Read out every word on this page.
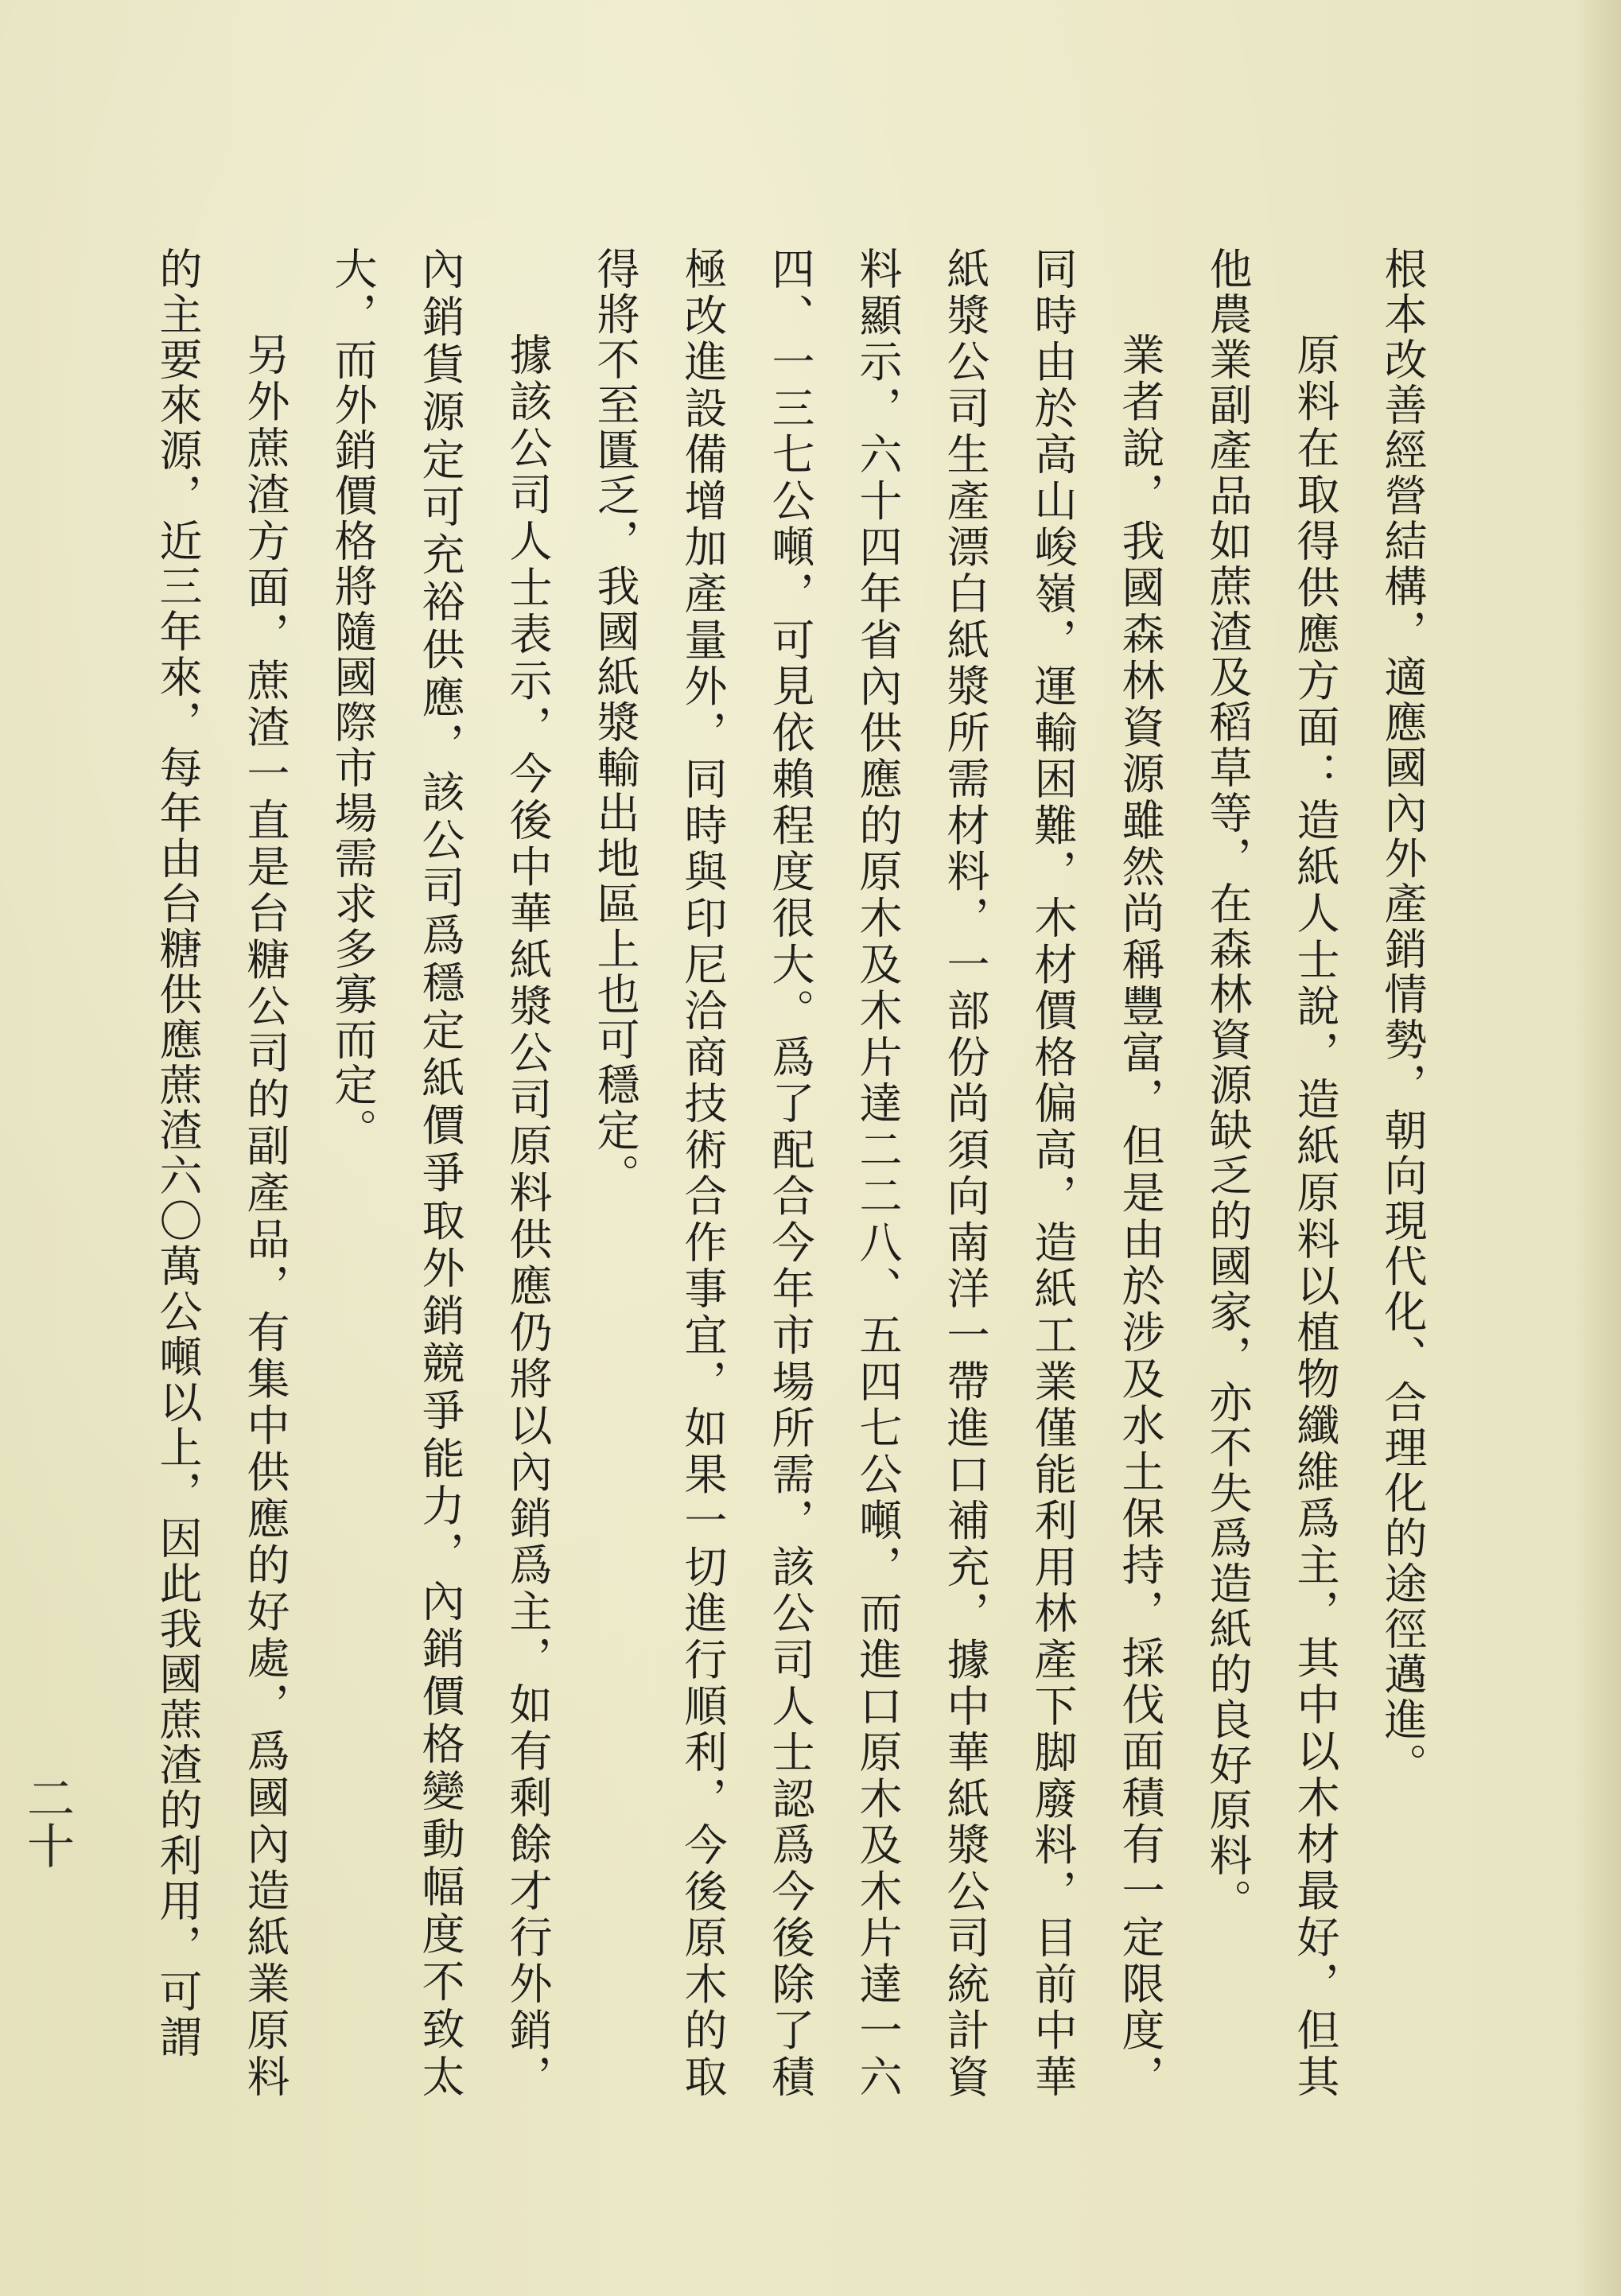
根本改善經營結構，適應國內外產銷情勢，朝向現代化、合理化的途徑邁進。

原料在取得供應方面：造紙人士說，造紙原料以植物纖維爲主，其中以木材最好，但其他農業副產品如蔗渣及稻草等，在森林資源缺乏的國家，亦不失爲造紙的良好原料。

業者說，我國森林資源雖然尚稱豐富，但是由於涉及水土保持，採伐面積有一定限度，同時由於高山峻嶺，運輸困難，木材價格偏高，造紙工業僅能利用林產下脚廢料，目前中華紙漿公司生產漂白紙漿所需材料，一部份尚須向南洋一帶進口補充，據中華紙漿公司統計資料顯示，六十四年省內供應的原木及木片達二二八、五四七公噸，而進口原木及木片達一六四、一三七公噸，可見依賴程度很大。爲了配合今年市場所需，該公司人士認爲今後除了積極改進設備增加產量外，同時與印尼洽商技術合作事宜，如果一切進行順利，今後原木的取得將不至匱乏，我國紙漿輸出地區上也可穩定。

據該公司人士表示，今後中華紙漿公司原料供應仍將以內銷爲主，如有剩餘才行外銷，內銷貨源定可充裕供應，該公司爲穩定紙價爭取外銷競爭能力，內銷價格變動幅度不致太大，而外銷價格將隨國際市場需求多寡而定。

另外蔗渣方面，蔗渣一直是台糖公司的副產品，有集中供應的好處，爲國內造紙業原料的主要來源，近三年來，每年由台糖供應蔗渣六〇萬公噸以上，因此我國蔗渣的利用，可謂

二十
